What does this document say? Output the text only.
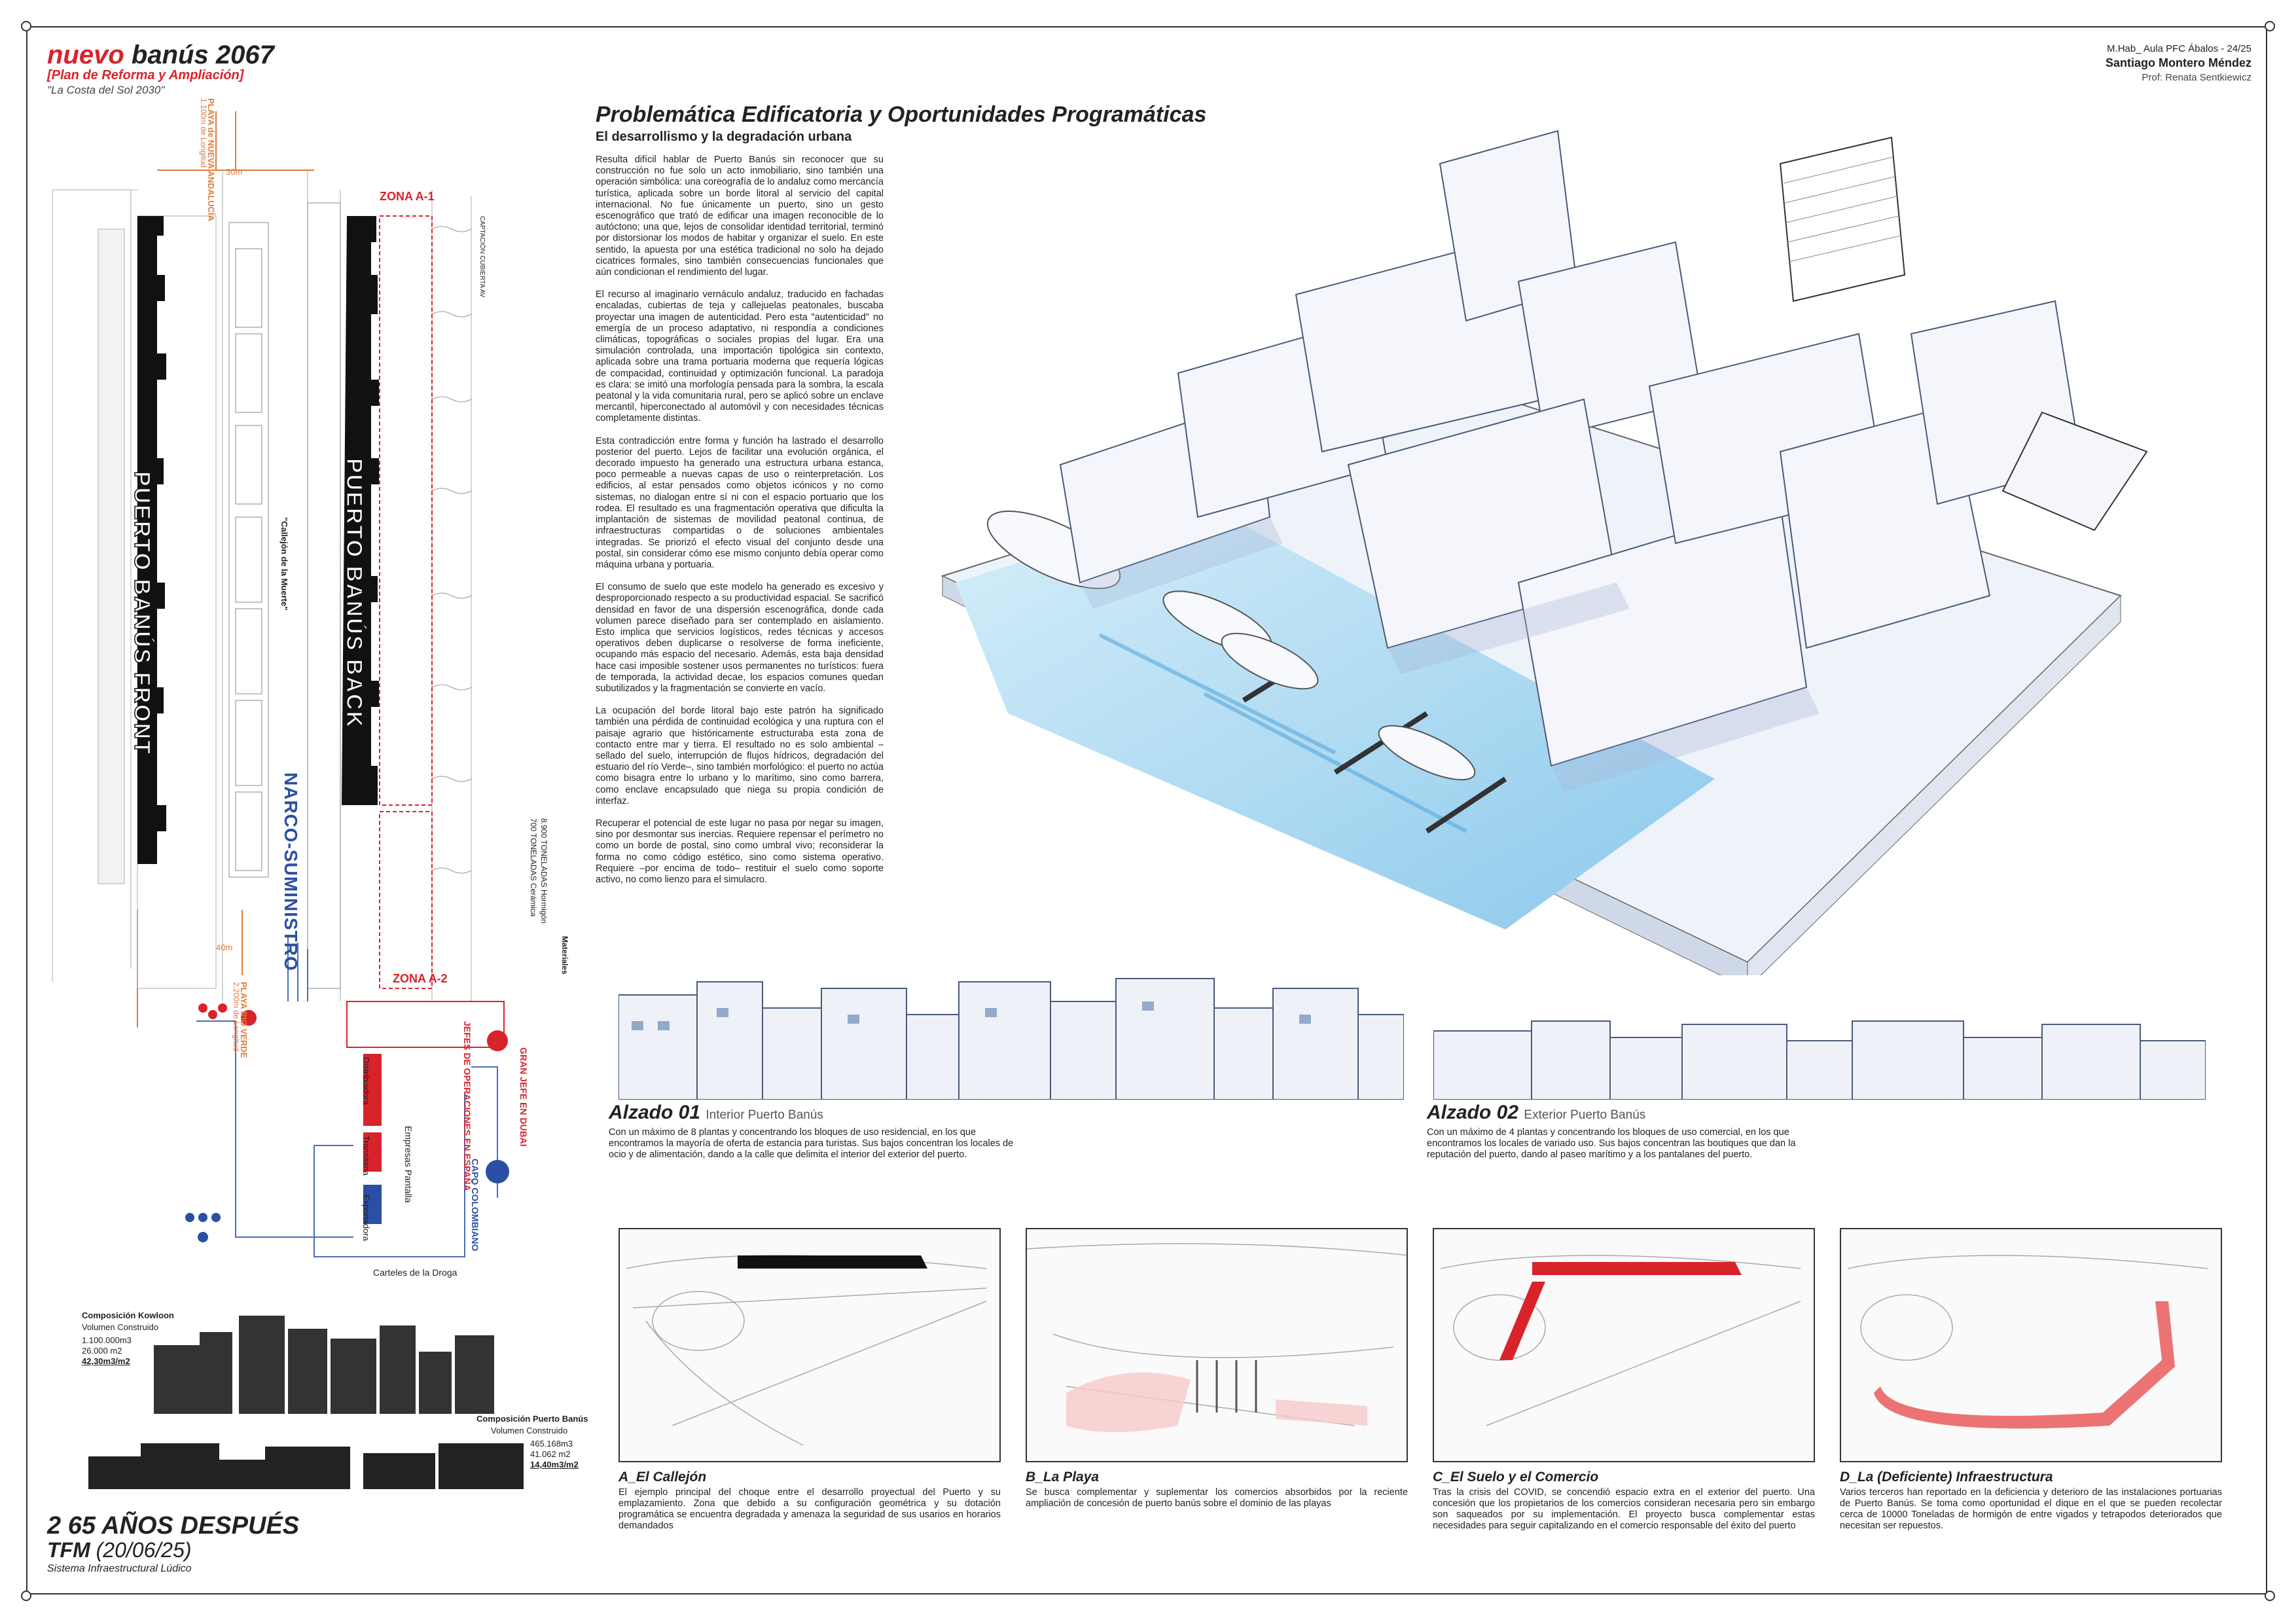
nuevo banús 2067
[Plan de Reforma y Ampliación]
"La Costa del Sol 2030"
M.Hab_ Aula PFC Ábalos - 24/25
Santiago Montero Méndez
Prof: Renata Sentkiewicz
ZONA A-1
ZONA A-2
30m
40m
PLAYA de NUEVA ANDALUCÍA
1.100m de Longitud
PLAYA RIO VERDE
2.200m de Longitud
PUERTO BANÚS FRONT	PUERTO BANÚS BACK
"Callejón de la Muerte"
NARCO-SUMINISTRO	8.900 TONELADAS Hormigón
700 TONELADAS Cerámica
Materiales
JEFES DE OPERACIONES EN ESPAÑA	GRAN JEFE EN DUBAI
CAPO COLOMBIANO
Empresas Pantalla
Distribuidora
Transitaria
Exportadora
Carteles de la Droga
CAPTACIÓN CUBIERTA AV
Composición Kowloon
Volumen Construido
1.100.000m3
26.000 m2
42,30m3/m2
Composición Puerto Banús
Volumen Construido
465.168m3
41.062 m2
14,40m3/m2
Problemática Edificatoria y Oportunidades Programáticas
El desarrollismo y la degradación urbana

Resulta difícil hablar de Puerto Banús sin reconocer que su construcción no fue solo un acto inmobiliario, sino también una operación simbólica: una coreografía de lo andaluz como mercancía turística, aplicada sobre un borde litoral al servicio del capital internacional. No fue únicamente un puerto, sino un gesto escenográfico que trató de edificar una imagen reconocible de lo autóctono; una que, lejos de consolidar identidad territorial, terminó por distorsionar los modos de habitar y organizar el suelo. En este sentido, la apuesta por una estética tradicional no solo ha dejado cicatrices formales, sino también consecuencias funcionales que aún condicionan el rendimiento del lugar.

El recurso al imaginario vernáculo andaluz, traducido en fachadas encaladas, cubiertas de teja y callejuelas peatonales, buscaba proyectar una imagen de autenticidad. Pero esta "autenticidad" no emergía de un proceso adaptativo, ni respondía a condiciones climáticas, topográficas o sociales propias del lugar. Era una simulación controlada, una importación tipológica sin contexto, aplicada sobre una trama portuaria moderna que requería lógicas de compacidad, continuidad y optimización funcional. La paradoja es clara: se imitó una morfología pensada para la sombra, la escala peatonal y la vida comunitaria rural, pero se aplicó sobre un enclave mercantil, hiperconectado al automóvil y con necesidades técnicas completamente distintas.

Esta contradicción entre forma y función ha lastrado el desarrollo posterior del puerto. Lejos de facilitar una evolución orgánica, el decorado impuesto ha generado una estructura urbana estanca, poco permeable a nuevas capas de uso o reinterpretación. Los edificios, al estar pensados como objetos icónicos y no como sistemas, no dialogan entre sí ni con el espacio portuario que los rodea. El resultado es una fragmentación operativa que dificulta la implantación de sistemas de movilidad peatonal continua, de infraestructuras compartidas o de soluciones ambientales integradas. Se priorizó el efecto visual del conjunto desde una postal, sin considerar cómo ese mismo conjunto debía operar como máquina urbana y portuaria.

El consumo de suelo que este modelo ha generado es excesivo y desproporcionado respecto a su productividad espacial. Se sacrificó densidad en favor de una dispersión escenográfica, donde cada volumen parece diseñado para ser contemplado en aislamiento. Esto implica que servicios logísticos, redes técnicas y accesos operativos deben duplicarse o resolverse de forma ineficiente, ocupando más espacio del necesario. Además, esta baja densidad hace casi imposible sostener usos permanentes no turísticos: fuera de temporada, la actividad decae, los espacios comunes quedan subutilizados y la fragmentación se convierte en vacío.

La ocupación del borde litoral bajo este patrón ha significado también una pérdida de continuidad ecológica y una ruptura con el paisaje agrario que históricamente estructuraba esta zona de contacto entre mar y tierra. El resultado no es solo ambiental –sellado del suelo, interrupción de flujos hídricos, degradación del estuario del río Verde–, sino también morfológico: el puerto no actúa como bisagra entre lo urbano y lo marítimo, sino como barrera, como enclave encapsulado que niega su propia condición de interfaz.

Recuperar el potencial de este lugar no pasa por negar su imagen, sino por desmontar sus inercias. Requiere repensar el perímetro no como un borde de postal, sino como umbral vivo; reconsiderar la forma no como código estético, sino como sistema operativo. Requiere –por encima de todo– restituir el suelo como soporte activo, no como lienzo para el simulacro.

Alzado 01 Interior Puerto Banús
Con un máximo de 8 plantas y concentrando los bloques de uso residencial, en los que encontramos la mayoría de oferta de estancia para turistas. Sus bajos concentran los locales de ocio y de alimentación, dando a la calle que delimita el interior del exterior del puerto.
Alzado 02 Exterior Puerto Banús
Con un máximo de 4 plantas y concentrando los bloques de uso comercial, en los que encontramos los locales de variado uso. Sus bajos concentran las boutiques que dan la reputación del puerto, dando al paseo marítimo y a los pantalanes del puerto.
A_El Callejón
El ejemplo principal del choque entre el desarrollo proyectual del Puerto y su emplazamiento. Zona que debido a su configuración geométrica y su dotación programática se encuentra degradada y amenaza la seguridad de sus usarios en horarios demandados
B_La Playa
Se busca complementar y suplementar los comercios absorbidos por la reciente ampliación de concesión de puerto banús sobre el dominio de las playas
C_El Suelo y el Comercio
Tras la crisis del COVID, se concendió espacio extra en el exterior del puerto. Una concesión que los propietarios de los comercios consideran necesaria pero sin embargo son saqueados por su implementación. El proyecto busca complementar estas necesidades para seguir capitalizando en el comercio responsable del éxito del puerto
D_La (Deficiente) Infraestructura
Varios terceros han reportado en la deficiencia y deterioro de las instalaciones portuarias de Puerto Banús. Se toma como oportunidad el dique en el que se pueden recolectar cerca de 10000 Toneladas de hormigón de entre vigados y tetrapodos deteriorados que necesitan ser repuestos.
2 65 AÑOS DESPUÉS
TFM (20/06/25)
Sistema Infraestructural Lúdico
